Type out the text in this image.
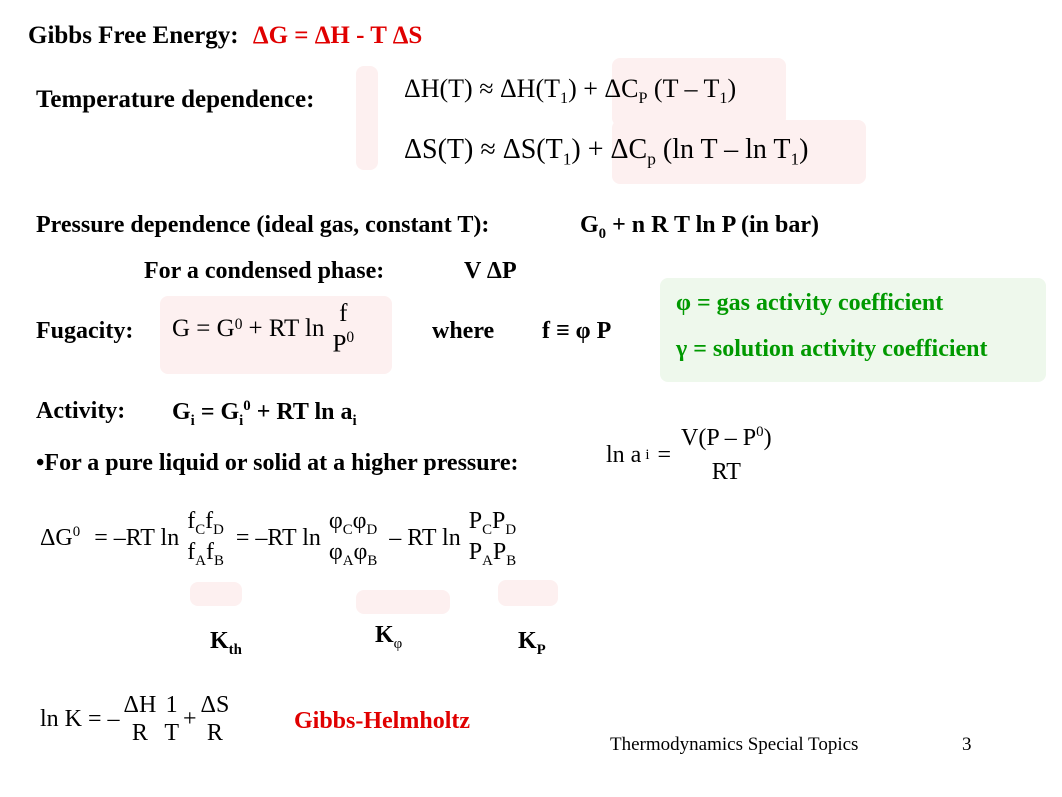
Gibbs Free Energy: ΔG = ΔH - T ΔS
Temperature dependence:	$\Delta H(T) \approx \Delta H(T_1) + \Delta C_P$ $(T - T_1)$
$\Delta S(T) \approx \Delta S(T_1) + \Delta C_p$ (ln T – $\ln T_1$)
Pressure dependence (ideal gas, constant T):	$G_0 + n$ R T ln P (in bar)
For a condensed phase:	V ΔP
Fugacity: $G = G^0$ + RT ln
f
$P^0$	where f ≡ φ P
φ = gas activity coefficient
γ = solution activity coefficient
Activity: $G_i = G_i^0$ + RT $\ln a_i$
•For a pure liquid or solid at a higher pressure:	ln a i =
$V(P - P^0)$
RT
$\Delta G^0 = -RT$ ln
$f_Cf_D$
$f_Af_B$
= –RT ln
$\varphi_C\varphi_D$
$\varphi_A\varphi_B$
– RT ln
$P_CP_D$
$P_AP_B$
$K_{th}$
$K_\varphi$	$K_P$
ln K = –
ΔH
R
1
T
+
ΔS
R	Gibbs-Helmholtz
Thermodynamics Special Topics	3
